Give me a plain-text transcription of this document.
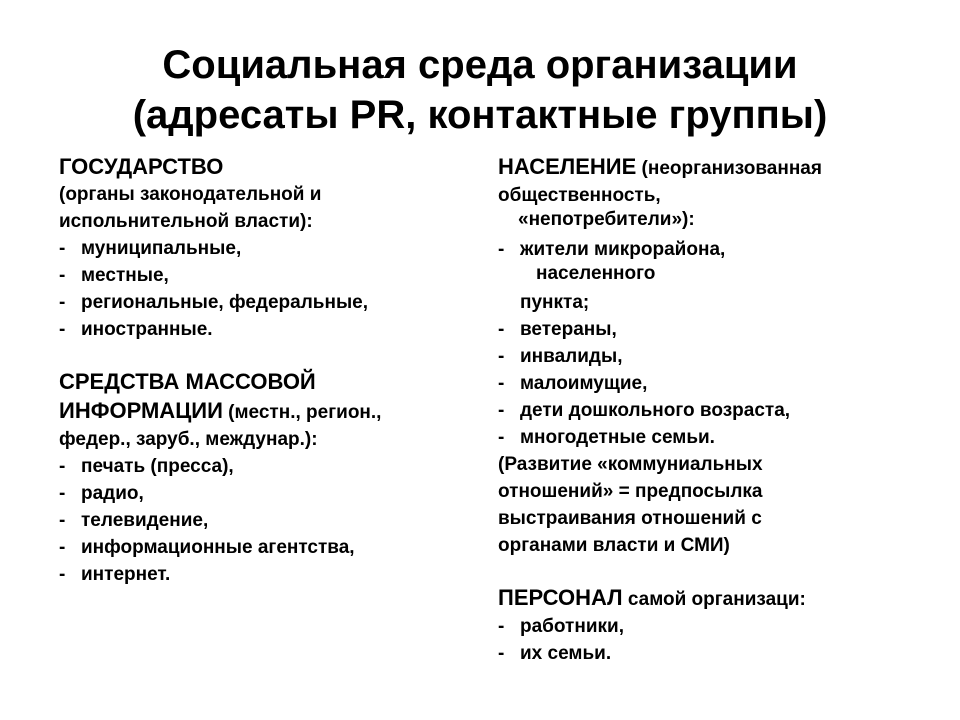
Социальная среда организации

(адресаты PR, контактные группы)

ГОСУДАРСТВО
(органы законодательной и
испольнительной власти):
- муниципальные,
- местные,
- региональные, федеральные,
- иностранные.
СРЕДСТВА МАССОВОЙ
ИНФОРМАЦИИ (местн., регион.,
федер., заруб., междунар.):
- печать (пресса),
- радио,
- телевидение,
- информационные агентства,
- интернет.
НАСЕЛЕНИЕ (неорганизованная
общественность,
«непотребители»):
- жители микрорайона,
населенного
пункта;
- ветераны,
- инвалиды,
- малоимущие,
- дети дошкольного возраста,
- многодетные семьи.
(Развитие «коммуниальных
отношений» = предпосылка
выстраивания отношений с
органами власти и СМИ)
ПЕРСОНАЛ самой организаци:
- работники,
- их семьи.
